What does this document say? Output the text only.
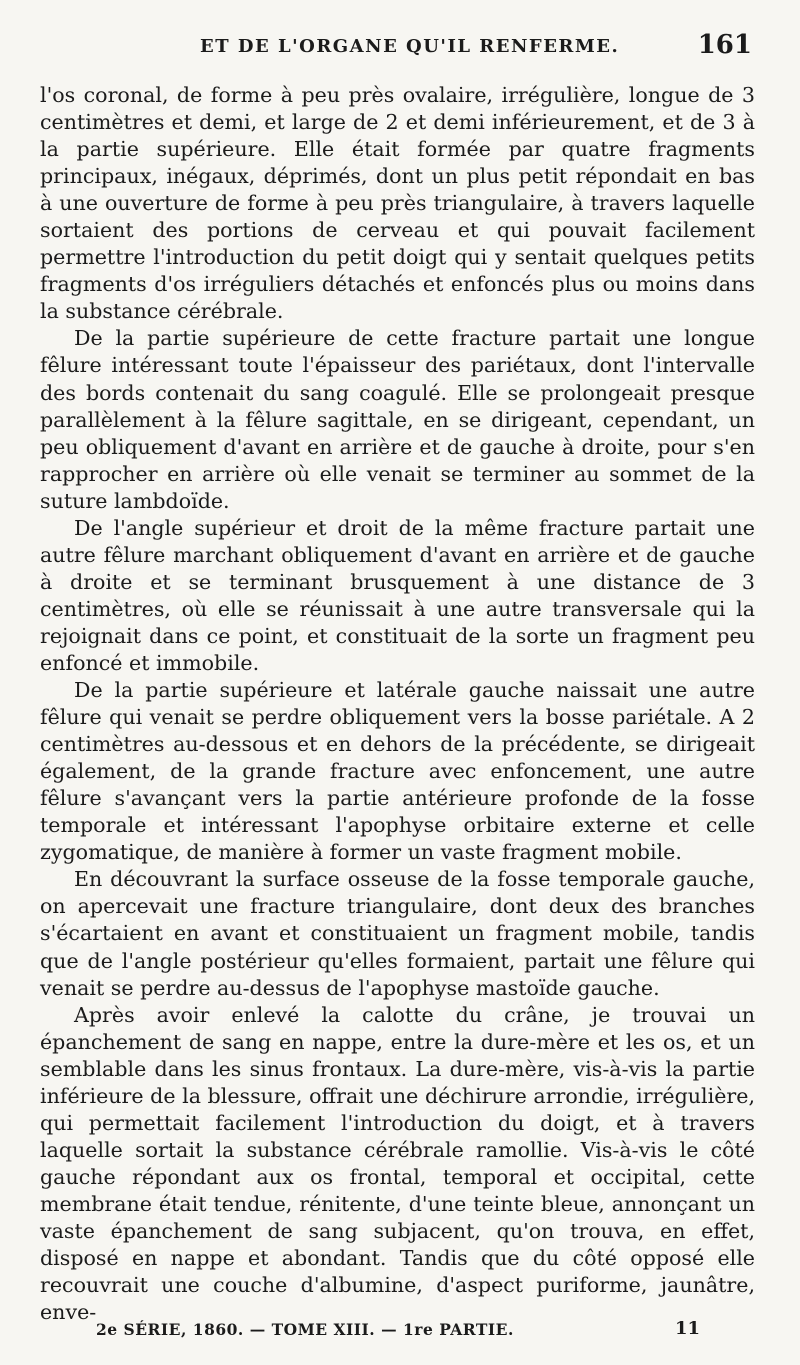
ET DE L'ORGANE QU'IL RENFERME.	161

l'os coronal, de forme à peu près ovalaire, irrégulière, longue de 3 centimètres et demi, et large de 2 et demi inférieurement, et de 3 à la partie supérieure. Elle était formée par quatre fragments principaux, inégaux, déprimés, dont un plus petit répondait en bas à une ouverture de forme à peu près triangulaire, à travers laquelle sortaient des portions de cerveau et qui pouvait facilement permettre l'introduction du petit doigt qui y sentait quelques petits fragments d'os irréguliers détachés et enfoncés plus ou moins dans la substance cérébrale.

De la partie supérieure de cette fracture partait une longue fêlure intéressant toute l'épaisseur des pariétaux, dont l'intervalle des bords contenait du sang coagulé. Elle se prolongeait presque parallèlement à la fêlure sagittale, en se dirigeant, cependant, un peu obliquement d'avant en arrière et de gauche à droite, pour s'en rapprocher en arrière où elle venait se terminer au sommet de la suture lambdoïde.

De l'angle supérieur et droit de la même fracture partait une autre fêlure marchant obliquement d'avant en arrière et de gauche à droite et se terminant brusquement à une distance de 3 centimètres, où elle se réunissait à une autre transversale qui la rejoignait dans ce point, et constituait de la sorte un fragment peu enfoncé et immobile.

De la partie supérieure et latérale gauche naissait une autre fêlure qui venait se perdre obliquement vers la bosse pariétale. A 2 centimètres au-dessous et en dehors de la précédente, se dirigeait également, de la grande fracture avec enfoncement, une autre fêlure s'avançant vers la partie antérieure profonde de la fosse temporale et intéressant l'apophyse orbitaire externe et celle zygomatique, de manière à former un vaste fragment mobile.

En découvrant la surface osseuse de la fosse temporale gauche, on apercevait une fracture triangulaire, dont deux des branches s'écartaient en avant et constituaient un fragment mobile, tandis que de l'angle postérieur qu'elles formaient, partait une fêlure qui venait se perdre au-dessus de l'apophyse mastoïde gauche.

Après avoir enlevé la calotte du crâne, je trouvai un épanchement de sang en nappe, entre la dure-mère et les os, et un semblable dans les sinus frontaux. La dure-mère, vis-à-vis la partie inférieure de la blessure, offrait une déchirure arrondie, irrégulière, qui permettait facilement l'introduction du doigt, et à travers laquelle sortait la substance cérébrale ramollie. Vis-à-vis le côté gauche répondant aux os frontal, temporal et occipital, cette membrane était tendue, rénitente, d'une teinte bleue, annonçant un vaste épanchement de sang subjacent, qu'on trouva, en effet, disposé en nappe et abondant. Tandis que du côté opposé elle recouvrait une couche d'albumine, d'aspect puriforme, jaunâtre, enve-

2e SÉRIE, 1860. — TOME XIII. — 1re PARTIE.	11
